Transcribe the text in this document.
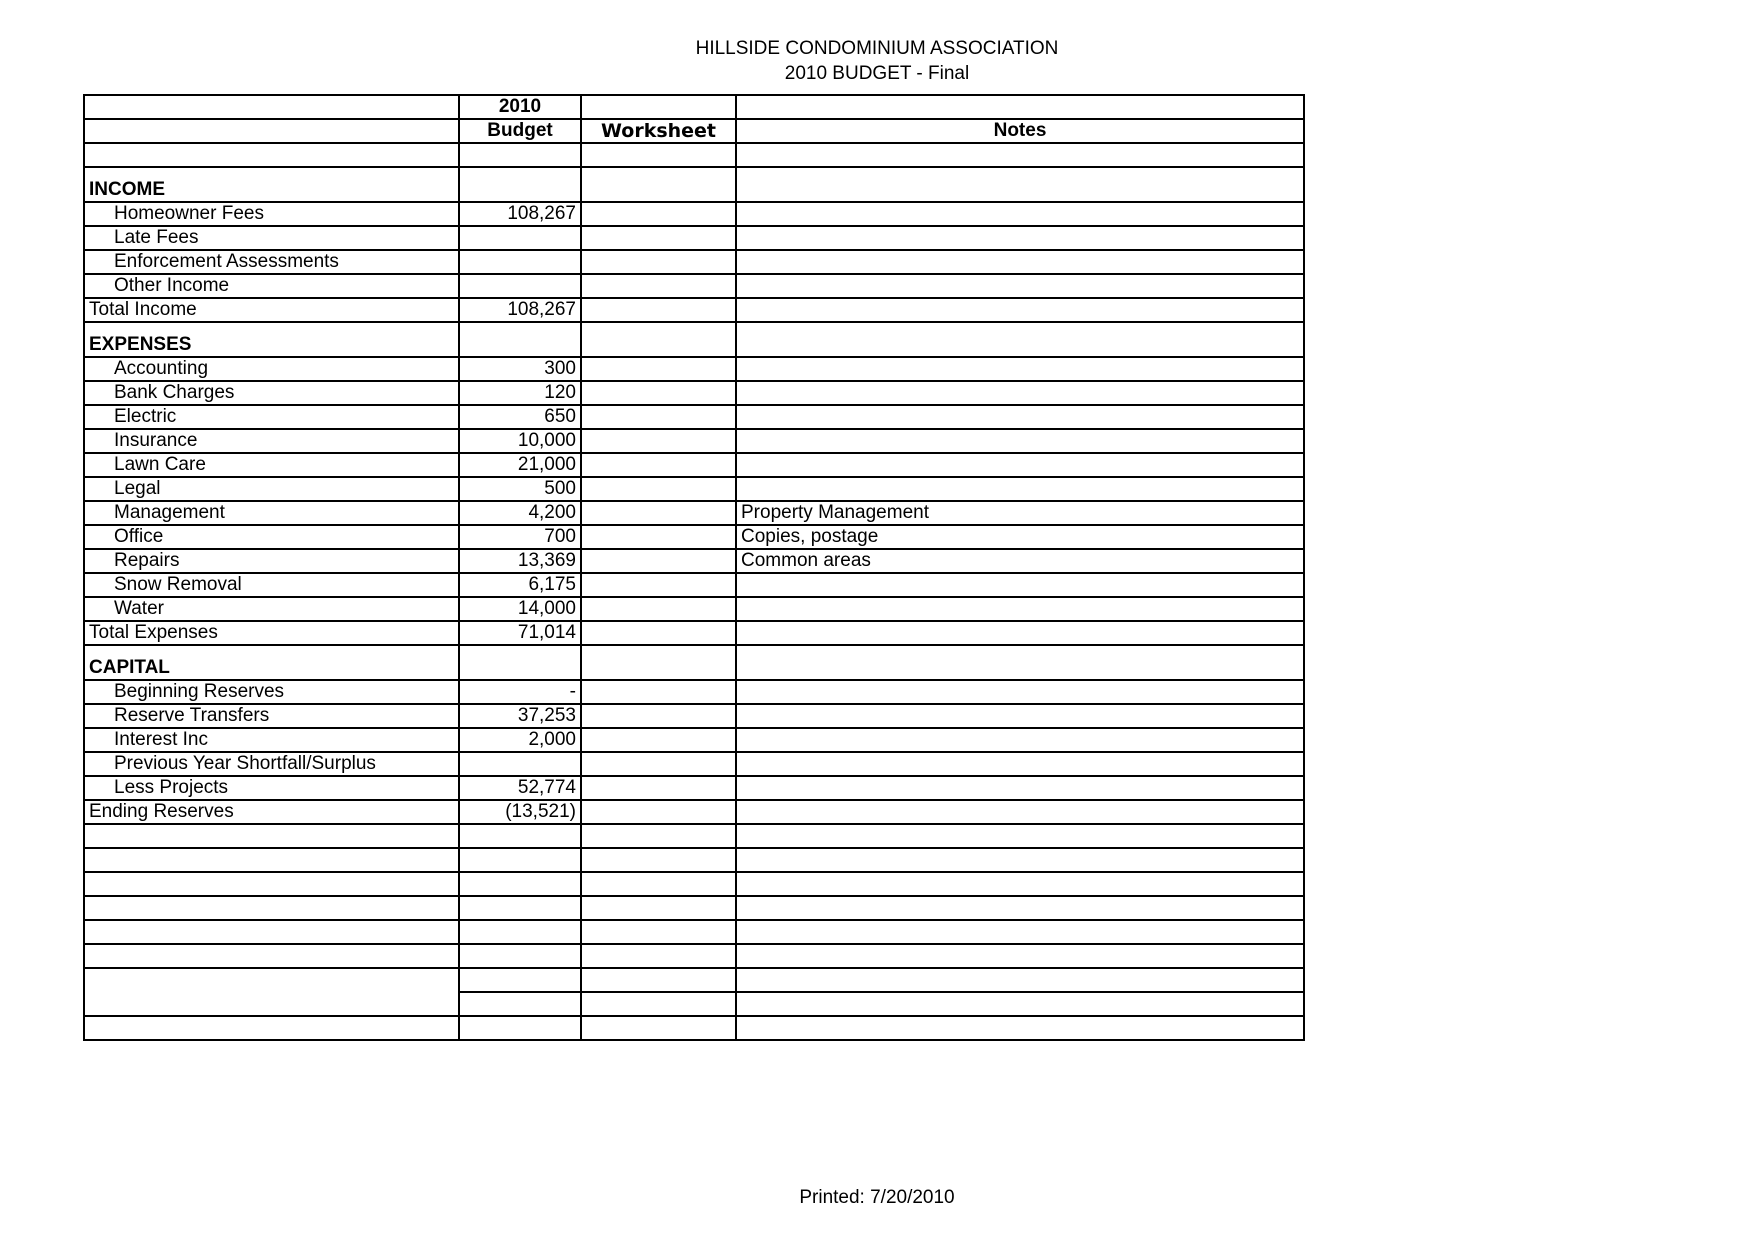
HILLSIDE CONDOMINIUM ASSOCIATION
2010 BUDGET - Final
	2010		
	Budget	Worksheet	Notes

INCOME			
Homeowner Fees	108,267		
Late Fees			
Enforcement Assessments			
Other Income			
Total Income	108,267		
EXPENSES			
Accounting	300		
Bank Charges	120		
Electric	650		
Insurance	10,000		
Lawn Care	21,000		
Legal	500		
Management	4,200		Property Management
Office	700		Copies, postage
Repairs	13,369		Common areas
Snow Removal	6,175		
Water	14,000		
Total Expenses	71,014		
CAPITAL			
Beginning Reserves	-		
Reserve Transfers	37,253		
Interest Inc	2,000		
Previous Year Shortfall/Surplus			
Less Projects	52,774		
Ending Reserves	(13,521)		

Printed: 7/20/2010
